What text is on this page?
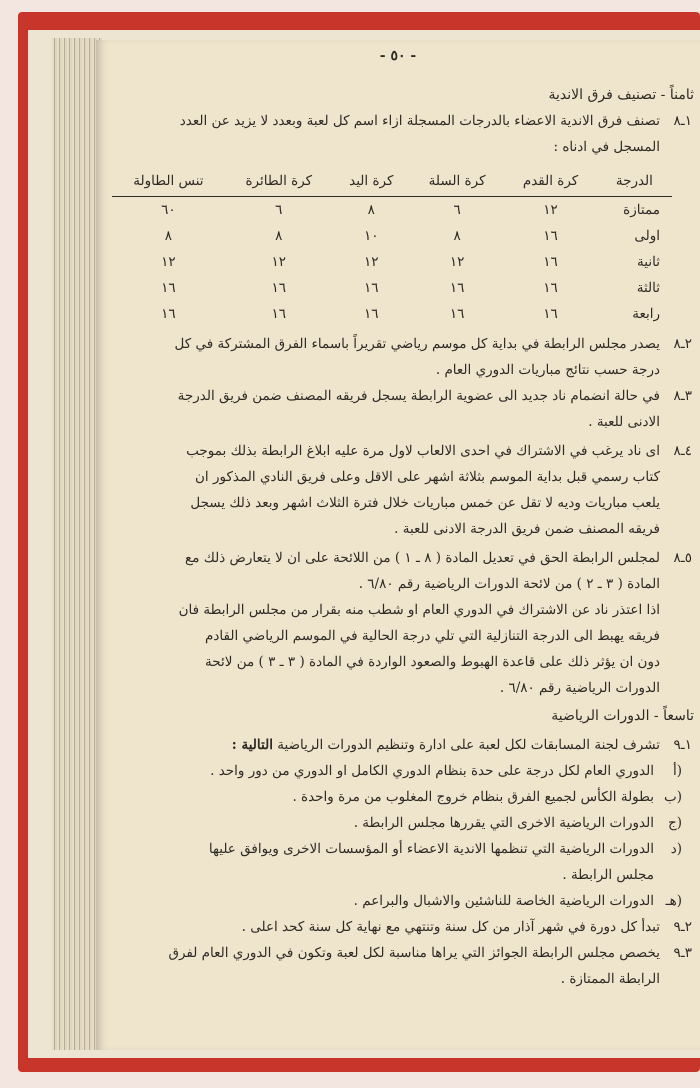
- ٥٠ -

ثامناً - تصنيف فرق الاندية

١ـ٨
تصنف فرق الاندية الاعضاء بالدرجات المسجلة ازاء اسم كل لعبة وبعدد لا يزيد عن العدد
المسجل في ادناه :
الدرجة	كرة القدم	كرة السلة	كرة اليد	كرة الطائرة	تنس الطاولة
ممتازة	١٢	٦	٨	٦	٦٠
اولى	١٦	٨	١٠	٨	٨
ثانية	١٦	١٢	١٢	١٢	١٢
ثالثة	١٦	١٦	١٦	١٦	١٦
رابعة	١٦	١٦	١٦	١٦	١٦
٢ـ٨
يصدر مجلس الرابطة في بداية كل موسم رياضي تقريراً باسماء الفرق المشتركة في كل
درجة حسب نتائج مباريات الدوري العام .
٣ـ٨
في حالة انضمام ناد جديد الى عضوية الرابطة يسجل فريقه المصنف ضمن فريق الدرجة
الادنى للعبة .
٤ـ٨
اى ناد يرغب في الاشتراك في احدى الالعاب لاول مرة عليه ابلاغ الرابطة بذلك بموجب
كتاب رسمي قبل بداية الموسم بثلاثة اشهر على الاقل وعلى فريق النادي المذكور ان
يلعب مباريات وديه لا تقل عن خمس مباريات خلال فترة الثلاث اشهر وبعد ذلك يسجل
فريقه المصنف ضمن فريق الدرجة الادنى للعبة .
٥ـ٨
لمجلس الرابطة الحق في تعديل المادة ( ٨ ـ ١ ) من اللائحة على ان لا يتعارض ذلك مع
المادة ( ٣ ـ ٢ ) من لائحة الدورات الرياضية رقم ٦/٨٠ .
اذا اعتذر ناد عن الاشتراك في الدوري العام او شطب منه بقرار من مجلس الرابطة فان
فريقه يهبط الى الدرجة التنازلية التي تلي درجة الحالية في الموسم الرياضي القادم
دون ان يؤثر ذلك على قاعدة الهبوط والصعود الواردة في المادة ( ٣ ـ ٣ ) من لائحة
الدورات الرياضية رقم ٦/٨٠ .

تاسعاً - الدورات الرياضية

١ـ٩
تشرف لجنة المسابقات لكل لعبة على ادارة وتنظيم الدورات الرياضية التالية :
أ)
الدوري العام لكل درجة على حدة بنظام الدوري الكامل او الدوري من دور واحد .
ب)
بطولة الكأس لجميع الفرق بنظام خروج المغلوب من مرة واحدة .
ج)
الدورات الرياضية الاخرى التي يقررها مجلس الرابطة .
د)
الدورات الرياضية التي تنظمها الاندية الاعضاء أو المؤسسات الاخرى ويوافق عليها
مجلس الرابطة .
هـ)
الدورات الرياضية الخاصة للناشئين والاشبال والبراعم .
٢ـ٩
تبدأ كل دورة في شهر آذار من كل سنة وتنتهي مع نهاية كل سنة كحد اعلى .
٣ـ٩
يخصص مجلس الرابطة الجوائز التي يراها مناسبة لكل لعبة وتكون في الدوري العام لفرق
الرابطة الممتازة .
